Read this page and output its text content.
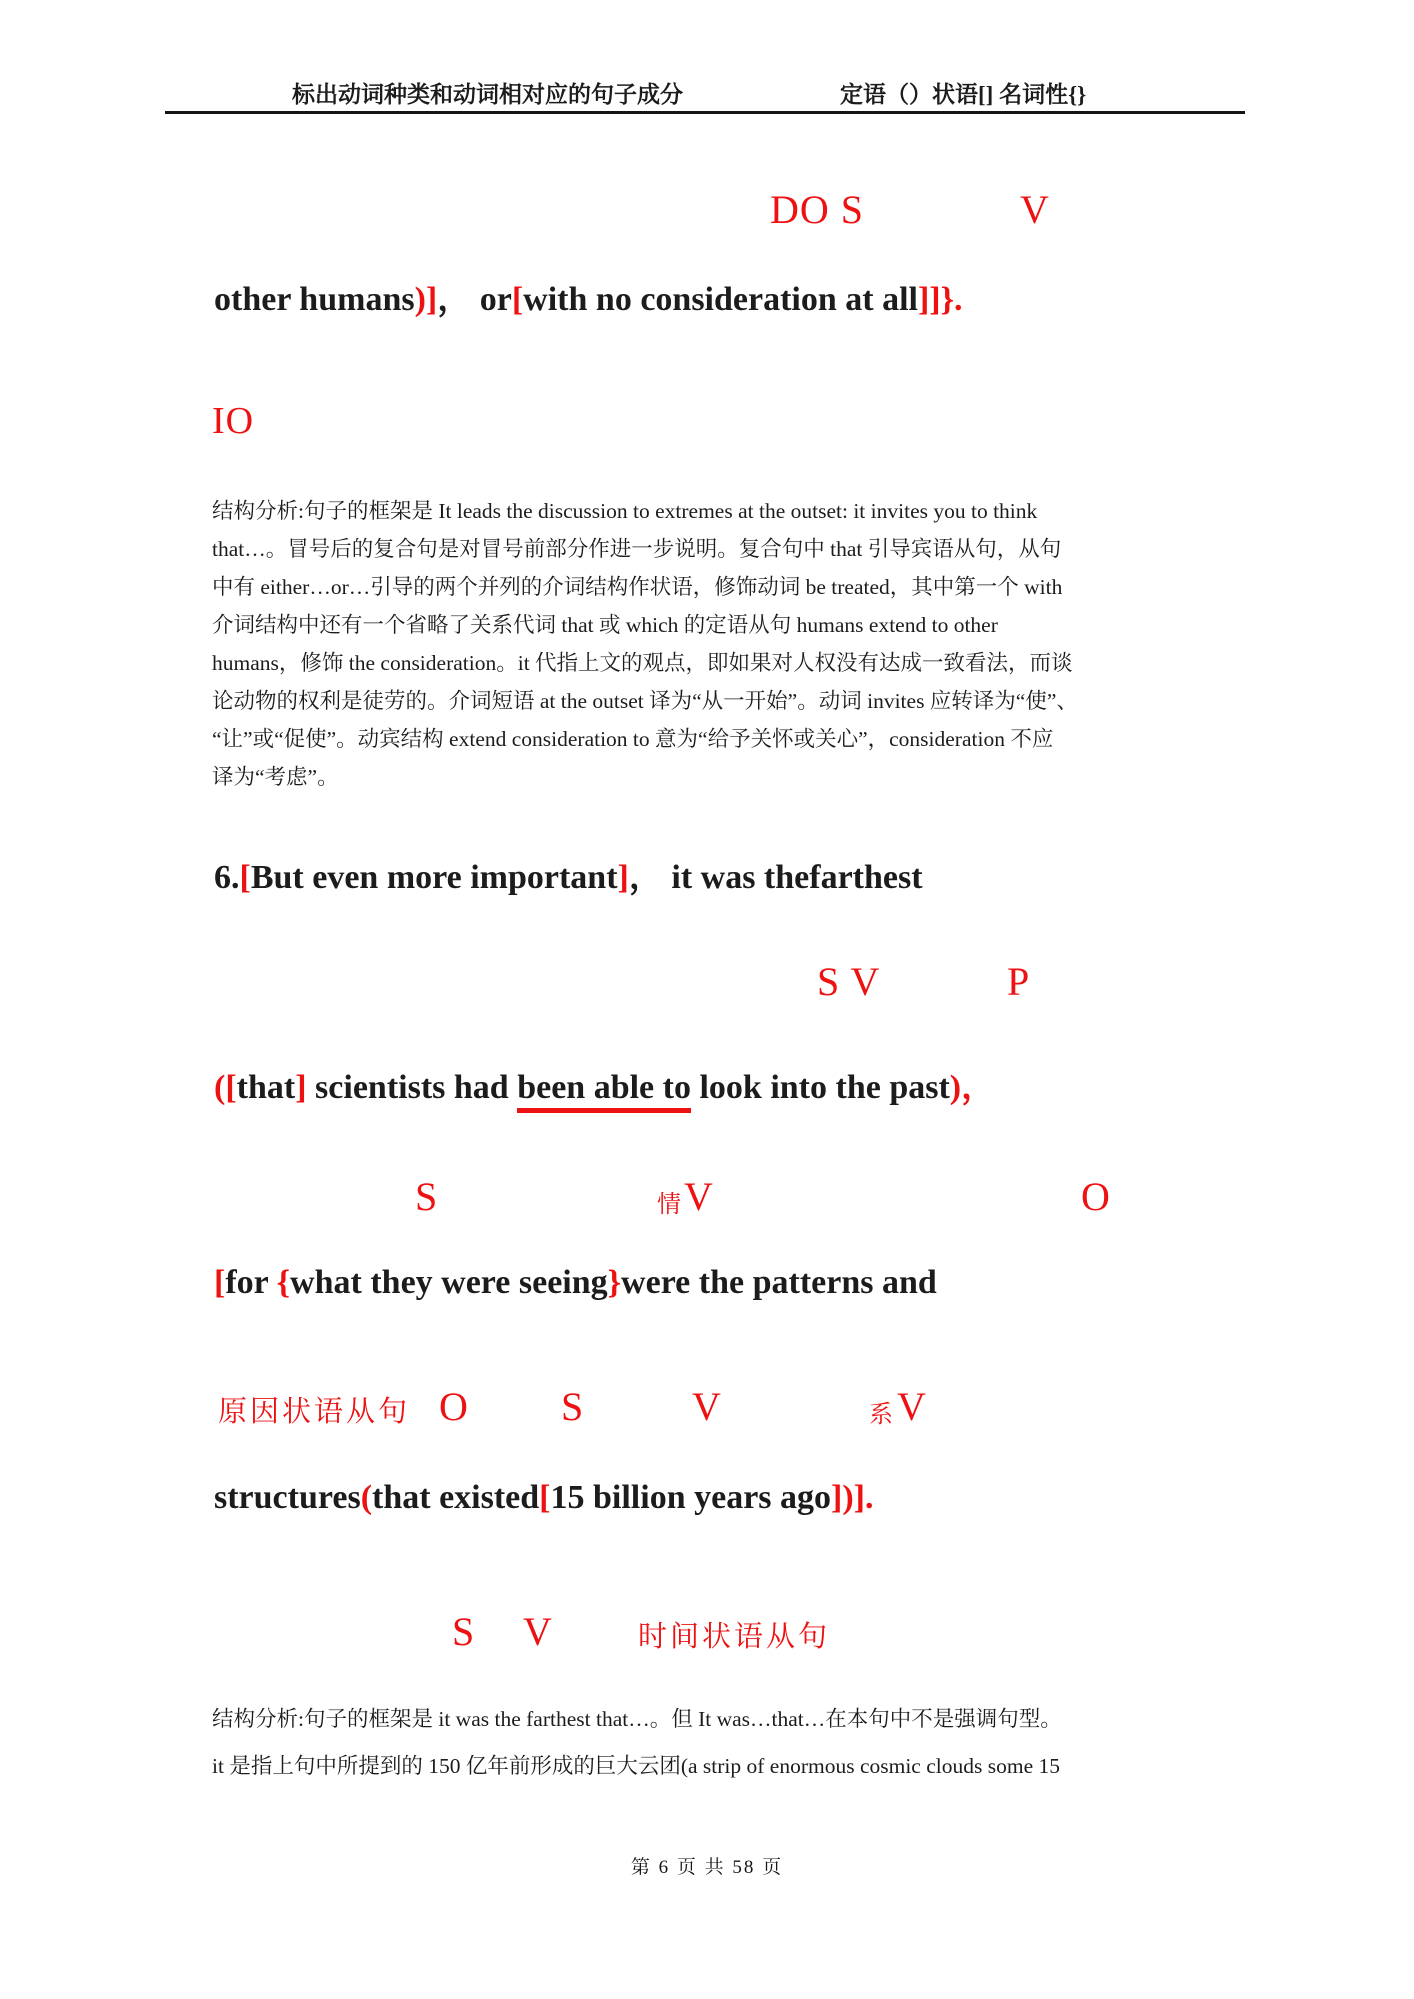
标出动词种类和动词相对应的句子成分	定语（）状语[] 名词性{}
DO S	V
other humans)]， or[with no consideration at all]]}.
IO
结构分析:句子的框架是 It leads the discussion to extremes at the outset: it invites you to think
that…。冒号后的复合句是对冒号前部分作进一步说明。复合句中 that 引导宾语从句，从句
中有 either…or…引导的两个并列的介词结构作状语，修饰动词 be treated，其中第一个 with
介词结构中还有一个省略了关系代词 that 或 which 的定语从句 humans extend to other
humans，修饰 the consideration。it 代指上文的观点，即如果对人权没有达成一致看法，而谈
论动物的权利是徒劳的。介词短语 at the outset 译为“从一开始”。动词 invites 应转译为“使”、
“让”或“促使”。动宾结构 extend consideration to 意为“给予关怀或关心”，consideration 不应
译为“考虑”。
6.[But even more important]， it was thefarthest
S V	P
([that] scientists had been able to look into the past)，
S	情 V	O
[for {what they were seeing}were the patterns and
原因状语从句 O S	V	系 V
structures(that existed[15 billion years ago])].
S V	时间状语从句
结构分析:句子的框架是 it was the farthest that…。但 It was…that…在本句中不是强调句型。
it 是指上句中所提到的 150 亿年前形成的巨大云团(a strip of enormous cosmic clouds some 15
第 6 页 共 58 页
